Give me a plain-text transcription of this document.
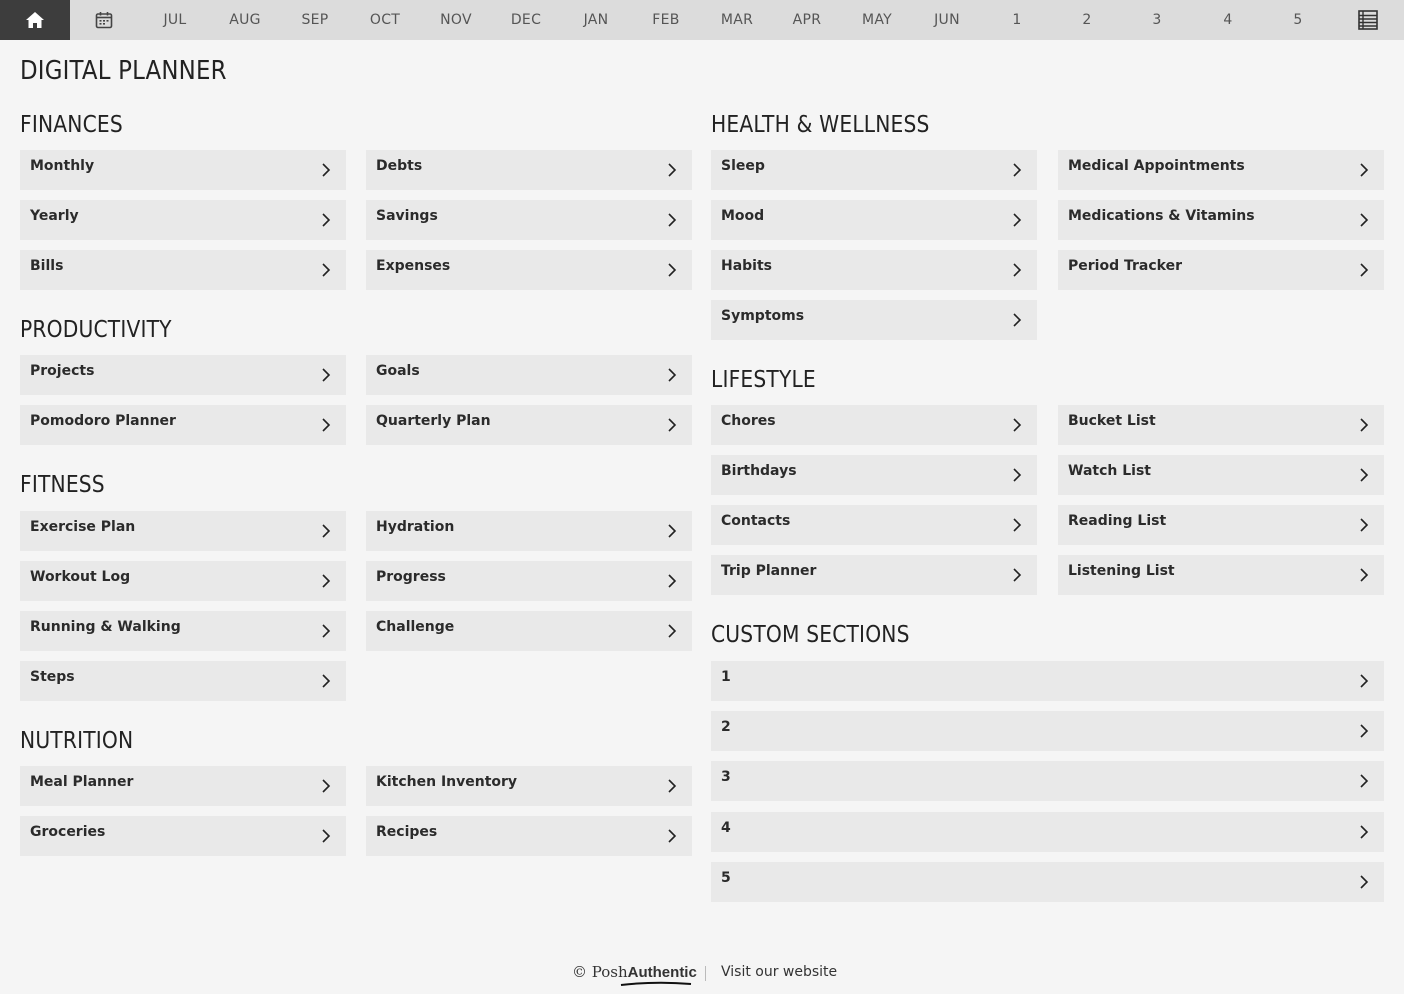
JUL	AUG	SEP	OCT	NOV	DEC	JAN	FEB	MAR	APR	MAY	JUN	1	2	3	4	5
DIGITAL PLANNER
FINANCES
PRODUCTIVITY
FITNESS
NUTRITION
HEALTH & WELLNESS
LIFESTYLE
CUSTOM SECTIONS
Monthly	Debts
Yearly	Savings
Bills	Expenses
Projects	Goals
Pomodoro Planner	Quarterly Plan
Exercise Plan	Hydration
Workout Log	Progress
Running & Walking	Challenge
Steps
Meal Planner	Kitchen Inventory
Groceries	Recipes
Sleep	Medical Appointments
Mood	Medications & Vitamins
Habits	Period Tracker
Symptoms
Chores	Bucket List
Birthdays	Watch List
Contacts	Reading List
Trip Planner	Listening List
1
2
3
4
5
© PoshAuthentic Visit our website
